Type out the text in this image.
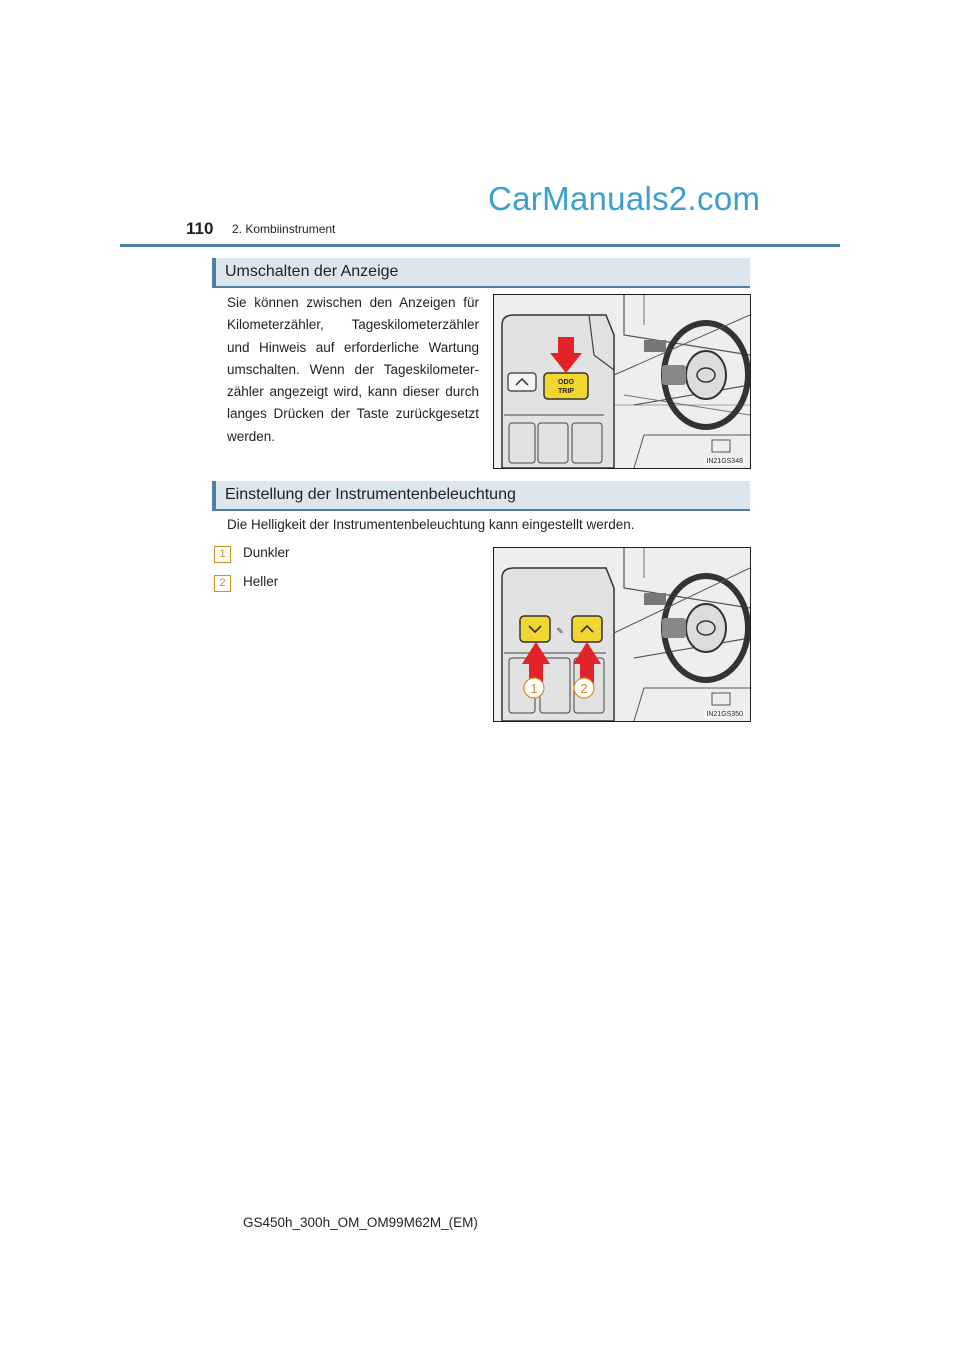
110 2. Kombiinstrument
CarManuals2.com
Umschalten der Anzeige
Sie können zwischen den Anzeigen für Kilometerzähler, Tageskilometerzähler und Hinweis auf erforderliche Wartung umschalten. Wenn der Tageskilometer-zähler angezeigt wird, kann dieser durch langes Drücken der Taste zurückgesetzt werden.
ODO
TRIP
IN21GS348
Einstellung der Instrumentenbeleuchtung
Die Helligkeit der Instrumentenbeleuchtung kann eingestellt werden.
1	Dunkler
2	Heller
✎
1	2
IN21GS350
GS450h_300h_OM_OM99M62M_(EM)
